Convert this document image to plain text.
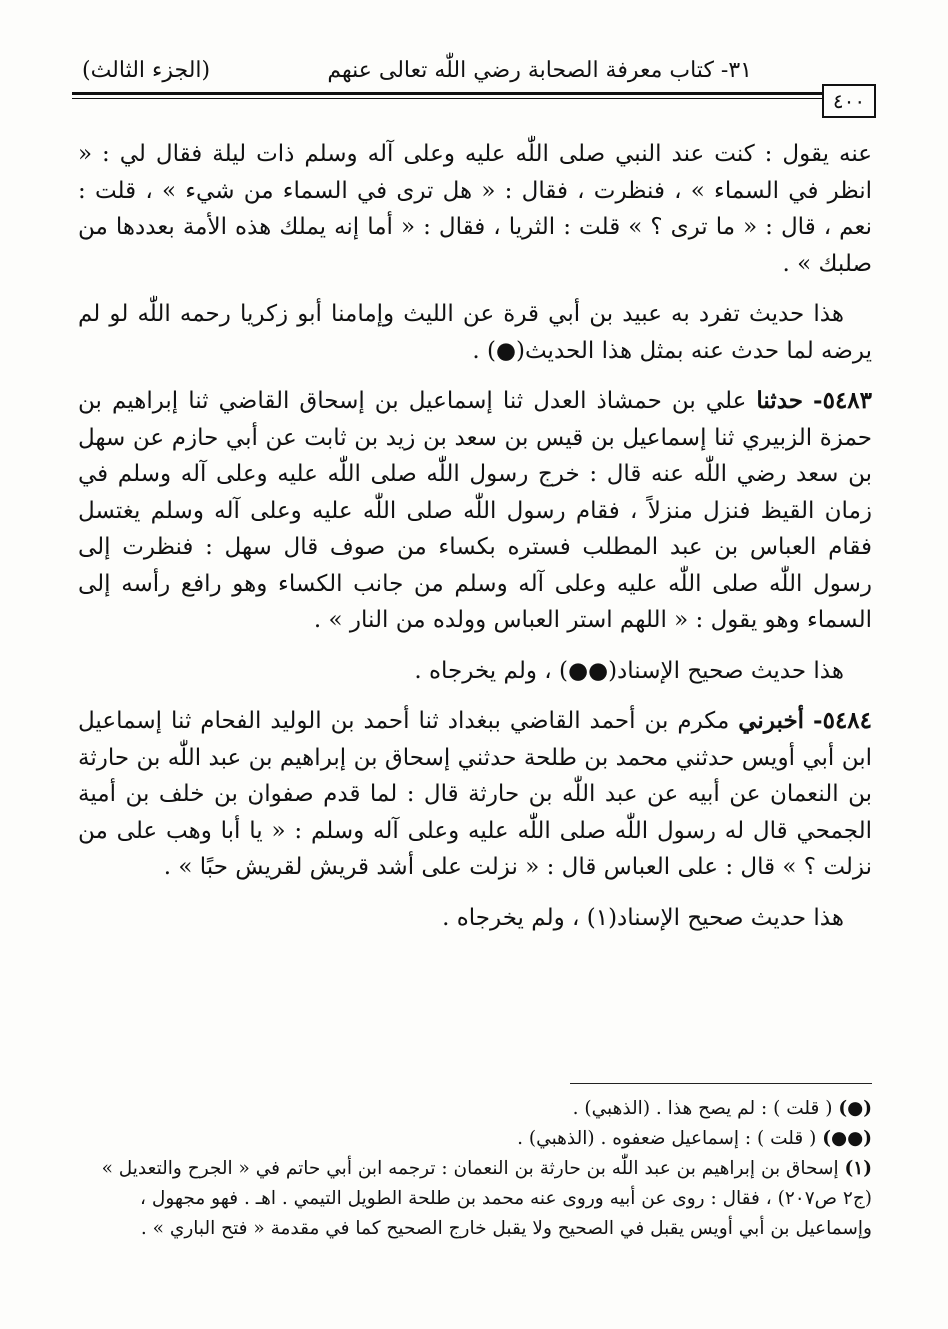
٣١- كتاب معرفة الصحابة رضي اللّٰه تعالى عنهم
(الجزء الثالث)
٤٠٠

عنه يقول : كنت عند النبي صلى اللّٰه عليه وعلى آله وسلم ذات ليلة فقال لي : « انظر في السماء » ، فنظرت ، فقال : « هل ترى في السماء من شيء » ، قلت : نعم ، قال : « ما ترى ؟ » قلت : الثريا ، فقال : « أما إنه يملك هذه الأمة بعددها من صلبك » .

هذا حديث تفرد به عبيد بن أبي قرة عن الليث وإمامنا أبو زكريا رحمه اللّٰه لو لم يرضه لما حدث عنه بمثل هذا الحديث(●) .

٥٤٨٣- حدثنا علي بن حمشاذ العدل ثنا إسماعيل بن إسحاق القاضي ثنا إبراهيم بن حمزة الزبيري ثنا إسماعيل بن قيس بن سعد بن زيد بن ثابت عن أبي حازم عن سهل بن سعد رضي اللّٰه عنه قال : خرج رسول اللّٰه صلى اللّٰه عليه وعلى آله وسلم في زمان القيظ فنزل منزلاً ، فقام رسول اللّٰه صلى اللّٰه عليه وعلى آله وسلم يغتسل فقام العباس بن عبد المطلب فستره بكساء من صوف قال سهل : فنظرت إلى رسول اللّٰه صلى اللّٰه عليه وعلى آله وسلم من جانب الكساء وهو رافع رأسه إلى السماء وهو يقول : « اللهم استر العباس وولده من النار » .

هذا حديث صحيح الإسناد(●●) ، ولم يخرجاه .

٥٤٨٤- أخبرني مكرم بن أحمد القاضي ببغداد ثنا أحمد بن الوليد الفحام ثنا إسماعيل ابن أبي أويس حدثني محمد بن طلحة حدثني إسحاق بن إبراهيم بن عبد اللّٰه بن حارثة بن النعمان عن أبيه عن عبد اللّٰه بن حارثة قال : لما قدم صفوان بن خلف بن أمية الجمحي قال له رسول اللّٰه صلى اللّٰه عليه وعلى آله وسلم : « يا أبا وهب على من نزلت ؟ » قال : على العباس قال : « نزلت على أشد قريش لقريش حبًا » .

هذا حديث صحيح الإسناد(١) ، ولم يخرجاه .

(●) ( قلت ) : لم يصح هذا . (الذهبي) .

(●●) ( قلت ) : إسماعيل ضعفوه . (الذهبي) .

(١) إسحاق بن إبراهيم بن عبد اللّٰه بن حارثة بن النعمان : ترجمه ابن أبي حاتم في « الجرح والتعديل » (ج٢ ص٢٠٧) ، فقال : روى عن أبيه وروى عنه محمد بن طلحة الطويل التيمي . اهـ . فهو مجهول ، وإسماعيل بن أبي أويس يقبل في الصحيح ولا يقبل خارج الصحيح كما في مقدمة « فتح الباري » .
